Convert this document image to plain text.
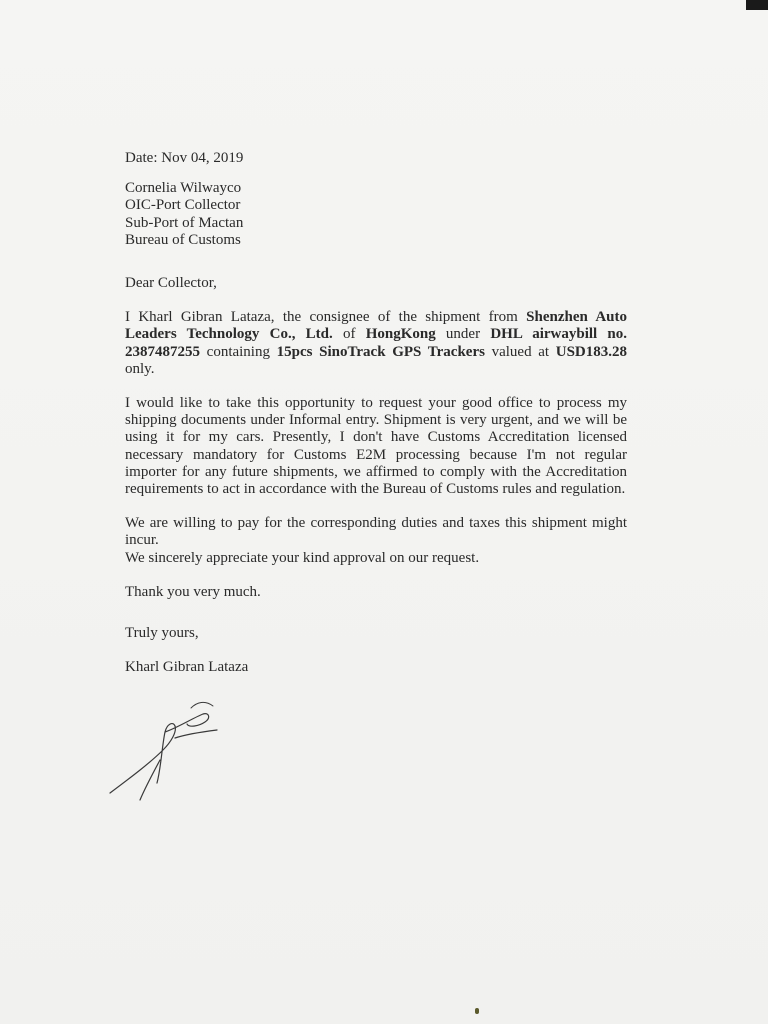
Date: Nov 04, 2019
Cornelia Wilwayco
OIC-Port Collector
Sub-Port of Mactan
Bureau of Customs
Dear Collector,

I Kharl Gibran Lataza, the consignee of the shipment from Shenzhen Auto Leaders Technology Co., Ltd. of HongKong under DHL airwaybill no. 2387487255 containing 15pcs SinoTrack GPS Trackers valued at USD183.28 only.

I would like to take this opportunity to request your good office to process my shipping documents under Informal entry. Shipment is very urgent, and we will be using it for my cars. Presently, I don't have Customs Accreditation licensed necessary mandatory for Customs E2M processing because I'm not regular importer for any future shipments, we affirmed to comply with the Accreditation requirements to act in accordance with the Bureau of Customs rules and regulation.

We are willing to pay for the corresponding duties and taxes this shipment might incur.

We sincerely appreciate your kind approval on our request.

Thank you very much.
Truly yours,
Kharl Gibran Lataza
